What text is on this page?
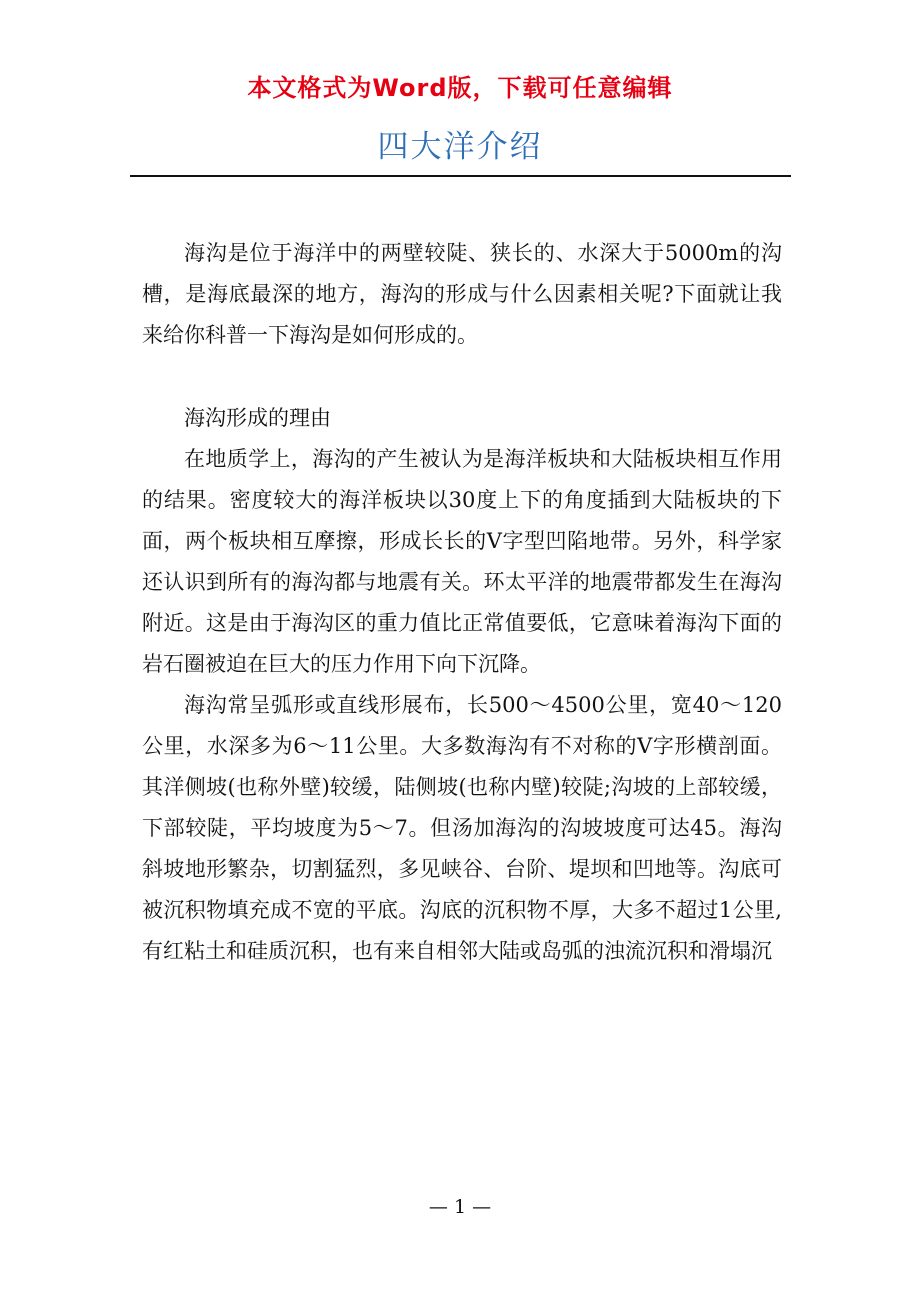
本文格式为Word版，下载可任意编辑
四大洋介绍

海沟是位于海洋中的两壁较陡、狭长的、水深大于5000m的沟槽，是海底最深的地方，海沟的形成与什么因素相关呢?下面就让我来给你科普一下海沟是如何形成的。

海沟形成的理由

在地质学上，海沟的产生被认为是海洋板块和大陆板块相互作用的结果。密度较大的海洋板块以30度上下的角度插到大陆板块的下面，两个板块相互摩擦，形成长长的V字型凹陷地带。另外，科学家还认识到所有的海沟都与地震有关。环太平洋的地震带都发生在海沟附近。这是由于海沟区的重力值比正常值要低，它意味着海沟下面的岩石圈被迫在巨大的压力作用下向下沉降。

海沟常呈弧形或直线形展布，长500～4500公里，宽40～120公里，水深多为6～11公里。大多数海沟有不对称的V字形横剖面。其洋侧坡(也称外壁)较缓，陆侧坡(也称内壁)较陡;沟坡的上部较缓，下部较陡，平均坡度为5～7。但汤加海沟的沟坡坡度可达45。海沟斜坡地形繁杂，切割猛烈，多见峡谷、台阶、堤坝和凹地等。沟底可被沉积物填充成不宽的平底。沟底的沉积物不厚，大多不超过1公里,有红粘土和硅质沉积，也有来自相邻大陆或岛弧的浊流沉积和滑塌沉

— 1 —
